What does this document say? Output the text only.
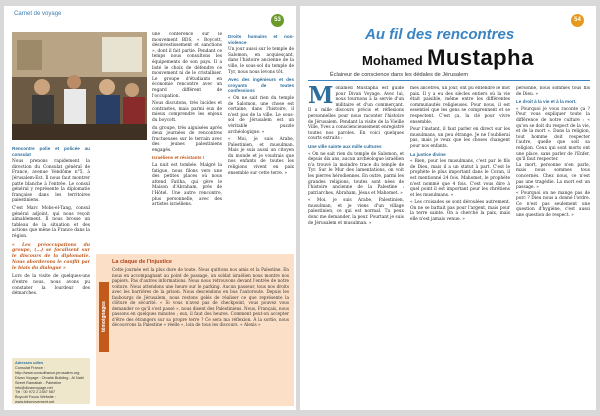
Carnet de voyage
53
Rencontre polie et policée au consulat

Nous prenons rapidement la direction du Consulat général de France, avenue Vendôme n°5, à Jérusalem-Est. Il nous faut montrer patte blanche à l'entrée. Le consul général y représente la diplomatie française dans les territoires palestiniens.

C'est Marc Mobs-el-Tang, consul général adjoint, qui nous reçoit aimablement. Il nous brosse un tableau de la situation et des actions que mène la France dans la région.

« Les préoccupations du groupe, (...) se focalisent sur le discours de la diplomatie. Nous aborderons le conflit par le biais du dialogue »

Lors de la visite de quelques-uns d'entre nous, nous avons pu constater la lourdeur des démarches.

une conférence sur le mouvement BDS, « Boycott, désinvestissement et sanctions », dont il fait partie. Pendant ce temps nous consultons les équipements de son pays. Il a listé le choix de défendre ce mouvement ni de le cristalliser. Le groupe d'étudiants en économie rencontre avec un regard différent de l'occupation.

Nous discutons, très lucides et contrastes, mais parmi eux de mieux comprendre les enjeux du boycott.

du groupe, très aiguisées après deux journées de rencontres fructueuses sur le terrain avec des jeunes palestiniens engagés.

Israéliens et résistants !

La nuit est tombée. Malgré la fatigue, nous filons vers une des petites places où nous attend Fatiha, qui gère le Maison d'Abraham, près de l'Hôtel. Une autre rencontre, plus personnelle, avec des artistes israéliens.

Droits humains et non-violence

Un jour aussi sur le temple de Salomon, en acquiesçant, dans l'histoire ancienne de la ville, le sous-sol du temple de Tyr, nous nous levons tôt.

Avec des ingénieurs et des croyants de toutes confessions

« On ne sait rien du temple de Salomon, une chose est certaine, dans l'histoire, il n'est pas de la ville. Le sous-sol de Jérusalem est un véritable puzzle archéologique. »

« Moi, je suis Arabe, Palestinien, et musulman. Mais je suis aussi un citoyen du monde et je voudrais que nos enfants de toutes les religions vivent en paix ensemble sur cette terre. »

Adresses utiles
Consulat France : http://www.consulfrance-jerusalem.org
Divan Voyage : Omahk Building - Al Nabi Street Ramallah - Palestine
info@divanvoyage.net
Tél : 00 972 2 2387 587
Boycott Focus Website : www.bdsmovement.net
témoignages
La claque de l'injustice
Cette journée est la plus dure de toute. Nous quittons nos amis et la Palestine. En nous en accompagnant au point de passage, un soldat israélien nous montre nos papiers. Pas d'autres informations. Nous nous retrouvons devant l'entrée de notre voiture. Nous attendons une heure sur le parking. Aucun passeur, tous nos droits avec les barrières de la prison. Nous descendons en bus l'autoroute. Depuis les faubourgs de Jérusalem, nous restons gelés de réaliser ce que représente la clôture de sécurité. « Si vous n'avez pas de checkpoint, vous pouvez vous demander ce qu'il s'est passé », nous disent des Palestiniens. Nous, Français, nous passons en quelques minutes ; eux, il faut des heures. Comment peut-on accepter d'être des étrangers sur sa propre terre ? Ce sera ma réflexion. À la sortie, nous découvrons la Palestine « réelle », loin de tous les discours. « Alexis »
54
Au fil des rencontres
Mohamed Mustapha
Éclaireur de conscience dans les dédales de Jérusalem

Mohamed Mustapha est guide pour Divan Voyage. Avec lui, nous tournons à la servie d'un militaire et d'un commerçant. Il a mille discours précis et réflexions personnelles pour nous raconter l'histoire de Jérusalem. Pendant la visite de la Vieille Ville, Yves a consciencieusement enregistré toutes nos paroles. En voici quelques courts extraits :

Une ville sainte aux mille cultures

« On ne sait rien du temple de Salomon, et depuis dix ans, aucun archéologue israélien n'a trouvé la moindre trace du temple de Tyr. Sur le Mur des lamentations, on voit les pierres hérodiennes. En outre, parmi les grandes religions, toutes sont nées de l'histoire ancienne de la Palestine : patriarches, Abraham, Jésus et Mahomet. »

« Moi, je suis Arabe, Palestinien, musulman, et je viens d'un village palestinien, ce qui est normal. Tu peux donc me demander, la peur. Pourtant je suis de Jérusalem et musulman. »

mes ancêtres, un jour, ont pu entendre le mot paix. Il y a eu des siècles entiers où la vie était paisible, même entre les différentes communautés religieuses. Pour nous, il est essentiel que les gens se comprennent et se respectent. C'est ça, la clé pour vivre ensemble.

Pour l'instant, il faut parler en direct sur les musulmans, un peu étrange. Je ne l'oublierai pas, mais je veux que les choses changent pour nos enfants.

La justice divine

« Bien, pour les musulmans, c'est par le fils de Dieu, mais il a un statut à part. C'est le prophète le plus important dans le Coran, il est mentionné 24 fois. Mahomet, le prophète n'est nommé que 4 fois. C'est vous dire à quel point il est important pour les chrétiens et les musulmans. »

« Les croisades se sont déroulées autrement. On ne se battait pas pour l'argent, mais pour la terre sainte. On a cherché la paix, mais elle n'est jamais venue. »

personne, nous sommes tous fils de Dieu. »

Le droit à la vie et à la mort.

« Pourquoi je vous raconte ça ? Pour vous expliquer toute la différence de notre culture : « qu'on se doit du respect de la vie, et de la mort ». Dans la religion, tout homme doit respecter l'autre, quelle que soit sa religion. Ceux qui sont morts ont une place, sans parler de l'Enfer, qu'il faut respecter.

La mort, personne n'en parle, mais nous sommes tous concernés. Chez nous, ce n'est pas une tragédie. La mort est un passage. »

« Pourquoi on ne mange pas de porc ? Dieu nous a donné l'ordre. Ce n'est pas seulement une question d'hygiène, c'est aussi une question de respect. »
